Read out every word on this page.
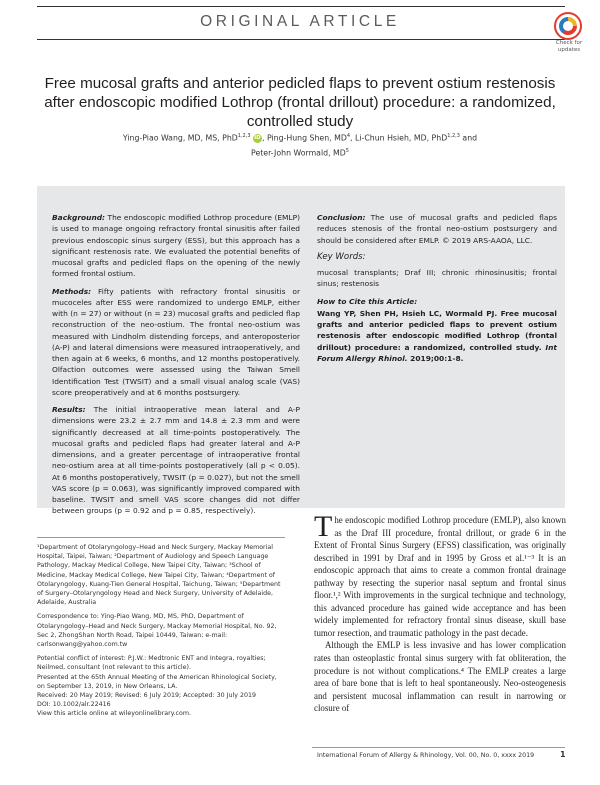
ORIGINAL ARTICLE
Check for
updates
Free mucosal grafts and anterior pedicled flaps to prevent ostium restenosis after endoscopic modified Lothrop (frontal drillout) procedure: a randomized, controlled study
Ying-Piao Wang, MD, MS, PhD$^{1,2,3}$ iD, Ping-Hung Shen, $MD^4$, Li-Chun Hsieh, MD, PhD$^{1,2,3}$ and
Peter-John Wormald, $MD^5$

Background: The endoscopic modified Lothrop procedure (EMLP) is used to manage ongoing refractory frontal sinusitis after failed previous endoscopic sinus surgery (ESS), but this approach has a significant restenosis rate. We evaluated the potential benefits of mucosal grafts and pedicled flaps on the opening of the newly formed frontal ostium.

Methods: Fifty patients with refractory frontal sinusitis or mucoceles after ESS were randomized to undergo EMLP, either with (n = 27) or without (n = 23) mucosal grafts and pedicled flap reconstruction of the neo-ostium. The frontal neo-ostium was measured with Lindholm distending forceps, and anteroposterior (A-P) and lateral dimensions were measured intraoperatively, and then again at 6 weeks, 6 months, and 12 months postoperatively. Olfaction outcomes were assessed using the Taiwan Smell Identification Test (TWSIT) and a small visual analog scale (VAS) score preoperatively and at 6 months postsurgery.

Results: The initial intraoperative mean lateral and A-P dimensions were 23.2 ± 2.7 mm and 14.8 ± 2.3 mm and were significantly decreased at all time-points postoperatively. The mucosal grafts and pedicled flaps had greater lateral and A-P dimensions, and a greater percentage of intraoperative frontal neo-ostium area at all time-points postoperatively (all p < 0.05). At 6 months postoperatively, TWSIT (p = 0.027), but not the smell VAS score (p = 0.063), was significantly improved compared with baseline. TWSIT and smell VAS score changes did not differ between groups (p = 0.92 and p = 0.85, respectively).

Conclusion: The use of mucosal grafts and pedicled flaps reduces stenosis of the frontal neo-ostium postsurgery and should be considered after EMLP. © 2019 ARS-AAOA, LLC.

Key Words:

mucosal transplants; Draf III; chronic rhinosinusitis; frontal sinus; restenosis

How to Cite this Article:

Wang YP, Shen PH, Hsieh LC, Wormald PJ. Free mucosal grafts and anterior pedicled flaps to prevent ostium restenosis after endoscopic modified Lothrop (frontal drillout) procedure: a randomized, controlled study. Int Forum Allergy Rhinol. 2019;00:1-8.

¹Department of Otolaryngology–Head and Neck Surgery, Mackay Memorial Hospital, Taipei, Taiwan; ²Department of Audiology and Speech Language Pathology, Mackay Medical College, New Taipei City, Taiwan; ³School of Medicine, Mackay Medical College, New Taipei City, Taiwan; ⁴Department of Otolaryngology, Kuang-Tien General Hospital, Taichung, Taiwan; ⁵Department of Surgery–Otolaryngology Head and Neck Surgery, University of Adelaide, Adelaide, Australia

Correspondence to: Ying-Piao Wang, MD, MS, PhD, Department of Otolaryngology–Head and Neck Surgery, Mackay Memorial Hospital, No. 92, Sec 2, ZhongShan North Road, Taipei 10449, Taiwan; e-mail: carlsonwang@yahoo.com.tw

Potential conflict of interest: P.J.W.: Medtronic ENT and Integra, royalties; Neilmed, consultant (not relevant to this article).

Presented at the 65th Annual Meeting of the American Rhinological Society, on September 13, 2019, in New Orleans, LA.

Received: 20 May 2019; Revised: 6 July 2019; Accepted: 30 July 2019

DOI: 10.1002/alr.22416

View this article online at wileyonlinelibrary.com.

The endoscopic modified Lothrop procedure (EMLP), also known as the Draf III procedure, frontal drillout, or grade 6 in the Extent of Frontal Sinus Surgery (EFSS) classification, was originally described in 1991 by Draf and in 1995 by Gross et al.¹⁻³ It is an endoscopic approach that aims to create a common frontal drainage pathway by resecting the superior nasal septum and frontal sinus floor.¹,² With improvements in the surgical technique and technology, this advanced procedure has gained wide acceptance and has been widely implemented for refractory frontal sinus disease, skull base tumor resection, and traumatic pathology in the past decade.

Although the EMLP is less invasive and has lower complication rates than osteoplastic frontal sinus surgery with fat obliteration, the procedure is not without complications.⁴ The EMLP creates a large area of bare bone that is left to heal spontaneously. Neo-osteogenesis and persistent mucosal inflammation can result in narrowing or closure of

International Forum of Allergy & Rhinology, Vol. 00, No. 0, xxxx 2019	1
